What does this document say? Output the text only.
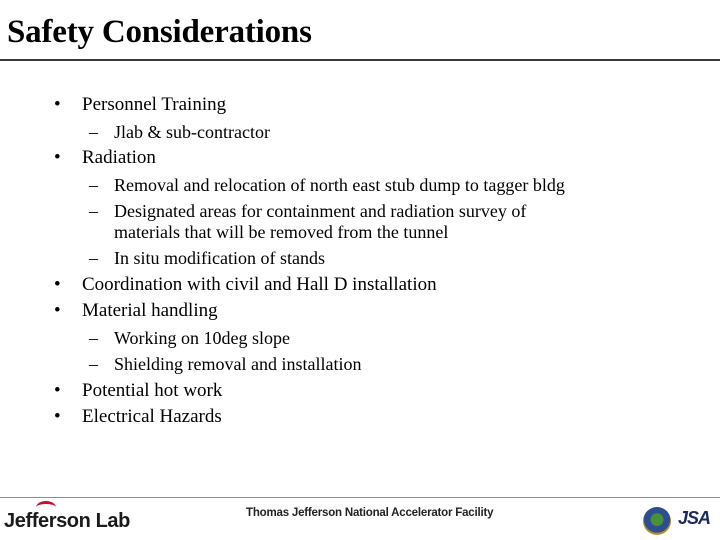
Safety Considerations
• Personnel Training
– Jlab & sub-contractor
• Radiation
– Removal and relocation of north east stub dump to tagger bldg
– Designated areas for containment and radiation survey of materials that will be removed from the tunnel
– In situ modification of stands
• Coordination with civil and Hall D installation
• Material handling
– Working on 10deg slope
– Shielding removal and installation
• Potential hot work
• Electrical Hazards
Jeff
erson Lab	Thomas Jefferson National Accelerator Facility	JSA
